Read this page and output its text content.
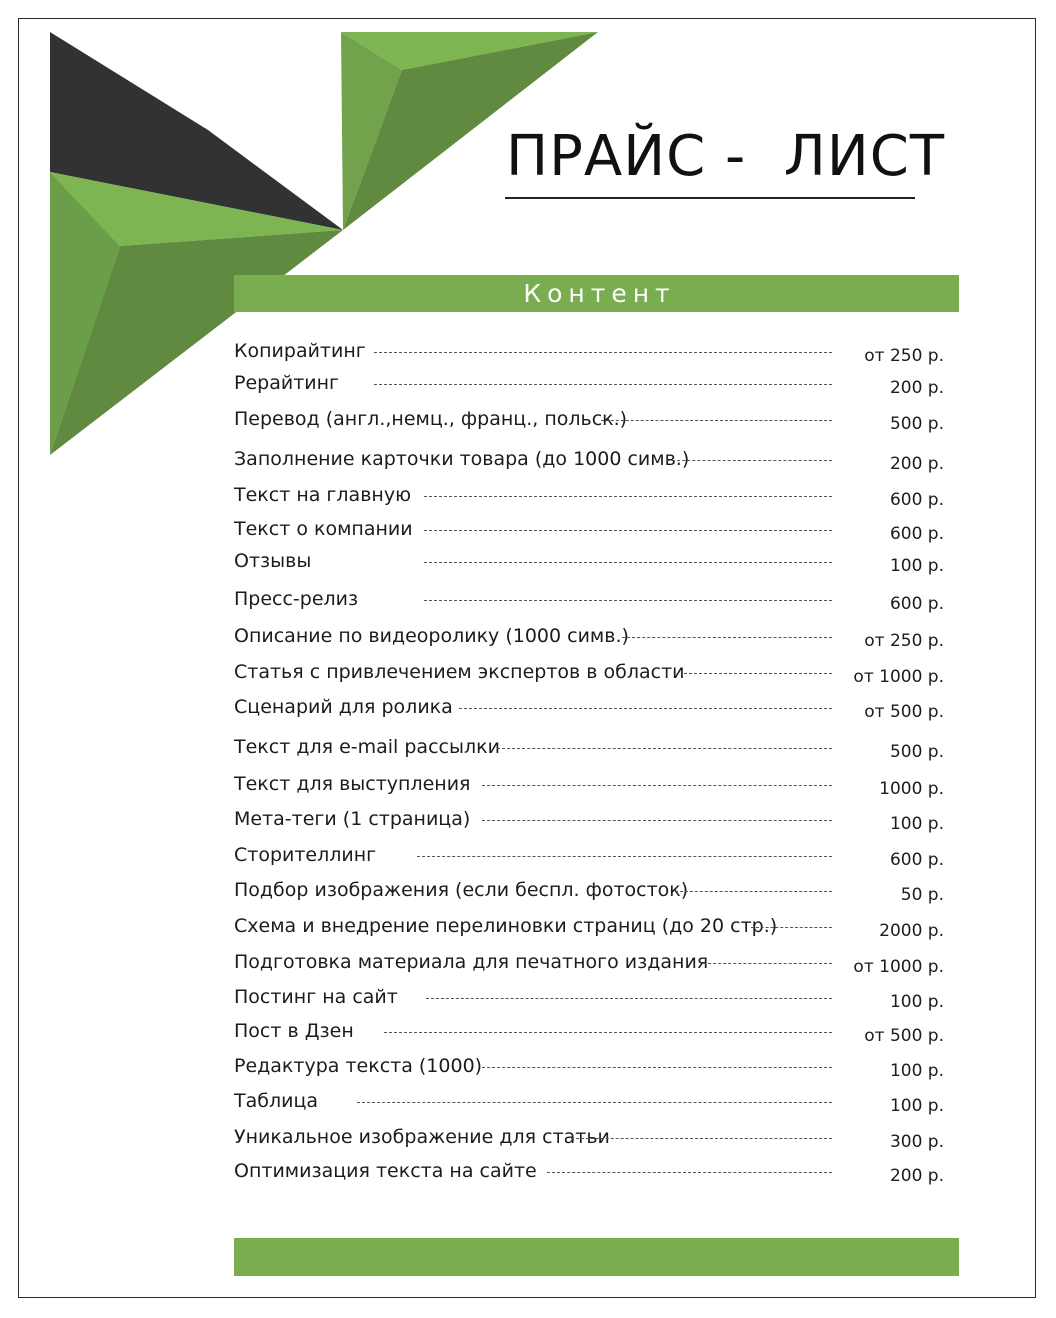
ПРАЙС -  ЛИСТ
Контент
Копирайтинг	от 250 р.
Рерайтинг	200 р.
Перевод (англ.,немц., франц., польск.)	500 р.
Заполнение карточки товара (до 1000 симв.)	200 р.
Текст на главную	600 р.
Текст о компании	600 р.
Отзывы	100 р.
Пресс-релиз	600 р.
Описание по видеоролику (1000 симв.)	от 250 р.
Статья с привлечением экспертов в области	от 1000 р.
Сценарий для ролика	от 500 р.
Текст для e-mail рассылки	500 р.
Текст для выступления	1000 р.
Мета-теги (1 страница)	100 р.
Сторителлинг	600 р.
Подбор изображения (если беспл. фотосток)	50 р.
Схема и внедрение перелиновки страниц (до 20 стр.)	2000 р.
Подготовка материала для печатного издания	от 1000 р.
Постинг на сайт	100 р.
Пост в Дзен	от 500 р.
Редактура текста (1000)	100 р.
Таблица	100 р.
Уникальное изображение для статьи	300 р.
Оптимизация текста на сайте	200 р.
